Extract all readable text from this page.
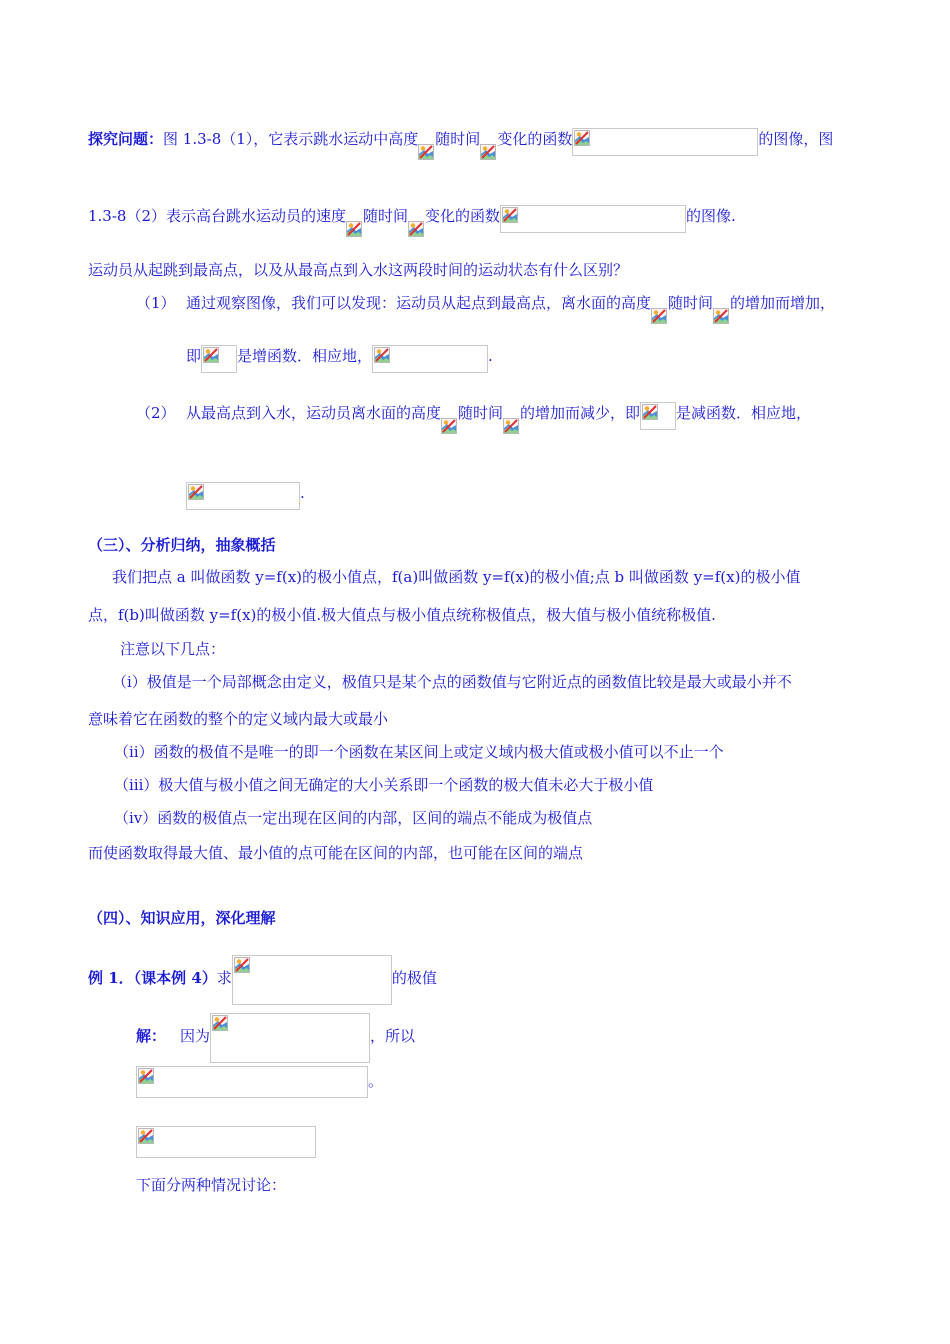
探究问题：图 1.3-8（1），它表示跳水运动中高度 随时间 变化的函数	的图像，图
1.3-8（2）表示高台跳水运动员的速度 随时间 变化的函数	的图像.
运动员从起跳到最高点，以及从最高点到入水这两段时间的运动状态有什么区别？
（1） 通过观察图像，我们可以发现：运动员从起点到最高点，离水面的高度 随时间 的增加而增加，
即 是增函数．相应地，	.
（2） 从最高点到入水，运动员离水面的高度 随时间 的增加而减少，即 是减函数．相应地，
.
（三）、分析归纳，抽象概括
我们把点 a 叫做函数 y=f(x)的极小值点，f(a)叫做函数 y=f(x)的极小值;点 b 叫做函数 y=f(x)的极小值
点，f(b)叫做函数 y=f(x)的极小值.极大值点与极小值点统称极值点，极大值与极小值统称极值.
注意以下几点：
（ⅰ）极值是一个局部概念由定义，极值只是某个点的函数值与它附近点的函数值比较是最大或最小并不
意味着它在函数的整个的定义域内最大或最小
（ⅱ）函数的极值不是唯一的即一个函数在某区间上或定义域内极大值或极小值可以不止一个
（ⅲ）极大值与极小值之间无确定的大小关系即一个函数的极大值未必大于极小值
（ⅳ）函数的极值点一定出现在区间的内部，区间的端点不能成为极值点
而使函数取得最大值、最小值的点可能在区间的内部，也可能在区间的端点
（四）、知识应用，深化理解
例 1．（课本例 4）求	的极值
解： 因为	，所以
。
下面分两种情况讨论：
